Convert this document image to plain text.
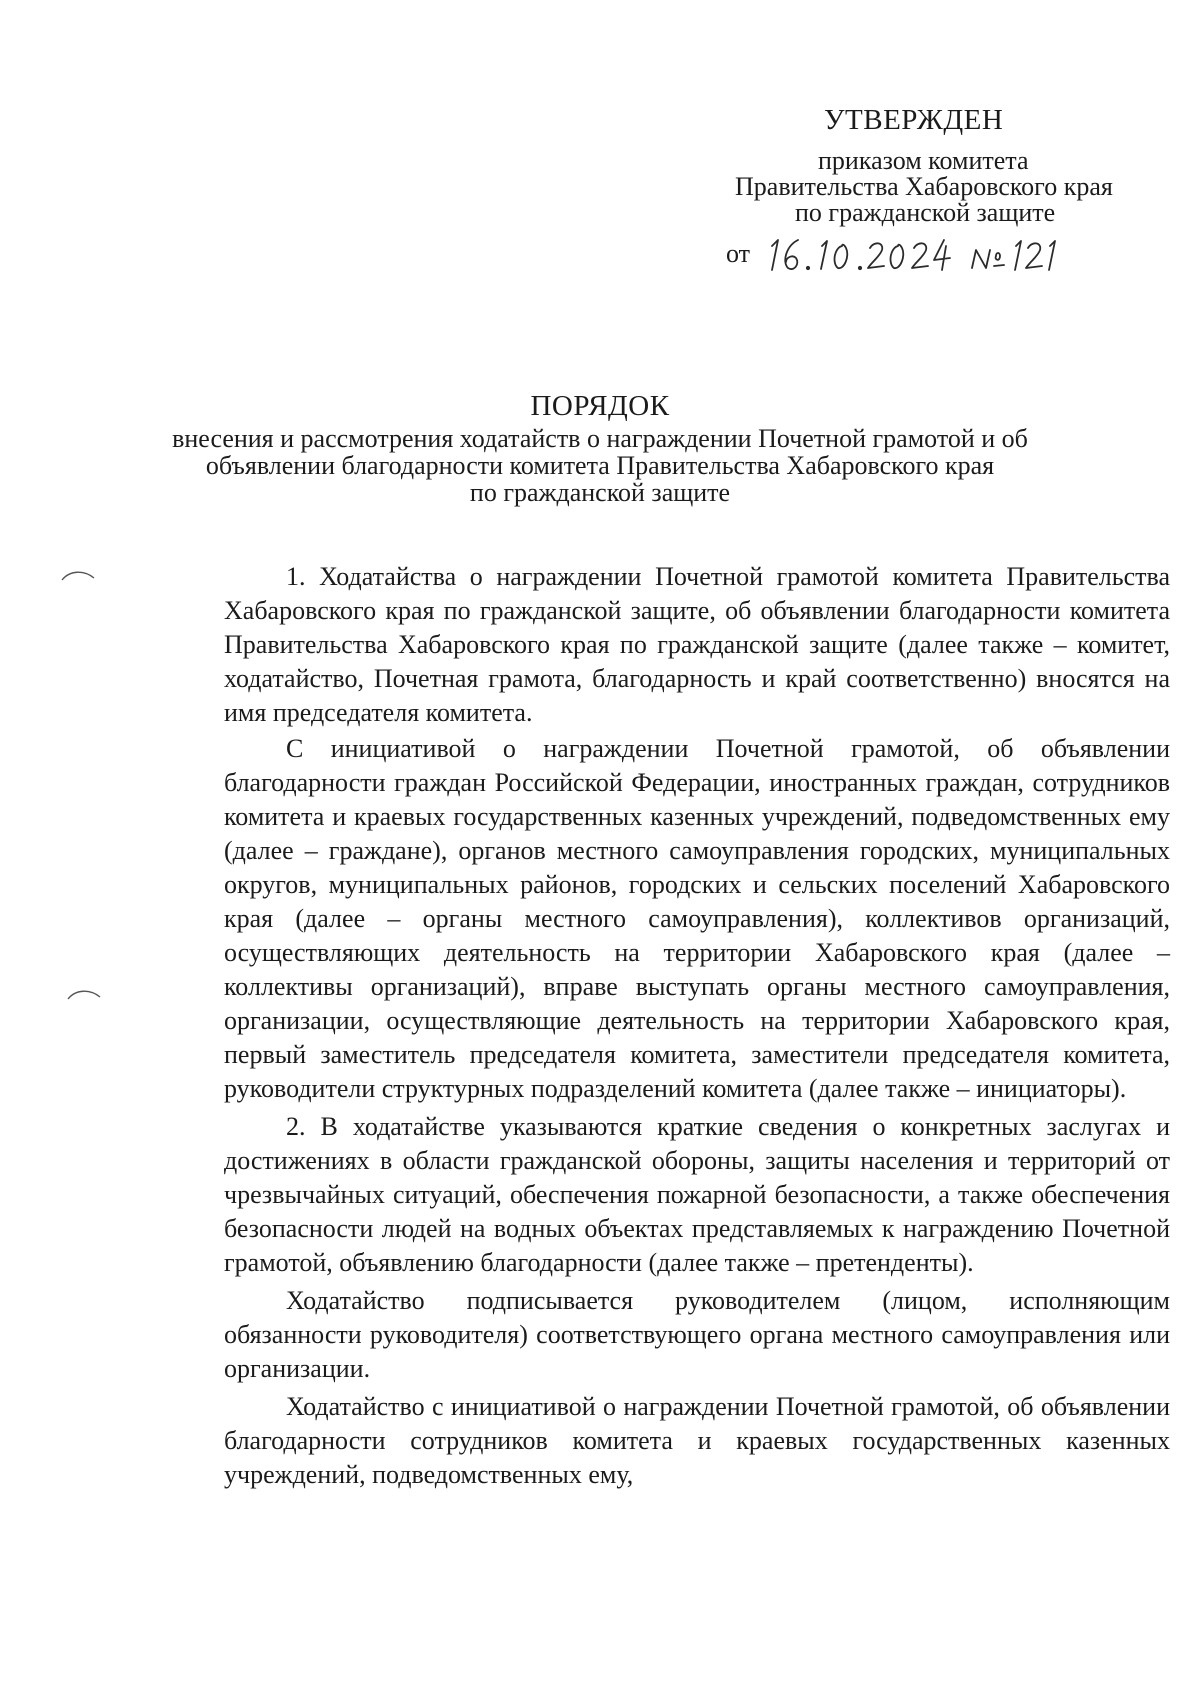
УТВЕРЖДЕН
приказом комитета
Правительства Хабаровского края
по гражданской защите
от
ПОРЯДОК
внесения и рассмотрения ходатайств о награждении Почетной грамотой и об
объявлении благодарности комитета Правительства Хабаровского края
по гражданской защите

1. Ходатайства о награждении Почетной грамотой комитета Правительства Хабаровского края по гражданской защите, об объявлении благодарности комитета Правительства Хабаровского края по гражданской защите (далее также – комитет, ходатайство, Почетная грамота, благодарность и край соответственно) вносятся на имя председателя комитета.

С инициативой о награждении Почетной грамотой, об объявлении благодарности граждан Российской Федерации, иностранных граждан, сотрудников комитета и краевых государственных казенных учреждений, подведомственных ему (далее – граждане), органов местного самоуправления городских, муниципальных округов, муниципальных районов, городских и сельских поселений Хабаровского края (далее – органы местного самоуправления), коллективов организаций, осуществляющих деятельность на территории Хабаровского края (далее – коллективы организаций), вправе выступать органы местного самоуправления, организации, осуществляющие деятельность на территории Хабаровского края, первый заместитель председателя комитета, заместители председателя комитета, руководители структурных подразделений комитета (далее также – инициаторы).

2. В ходатайстве указываются краткие сведения о конкретных заслугах и достижениях в области гражданской обороны, защиты населения и территорий от чрезвычайных ситуаций, обеспечения пожарной безопасности, а также обеспечения безопасности людей на водных объектах представляемых к награждению Почетной грамотой, объявлению благодарности (далее также – претенденты).

Ходатайство подписывается руководителем (лицом, исполняющим обязанности руководителя) соответствующего органа местного самоуправления или организации.

Ходатайство с инициативой о награждении Почетной грамотой, об объявлении благодарности сотрудников комитета и краевых государственных казенных учреждений, подведомственных ему,
